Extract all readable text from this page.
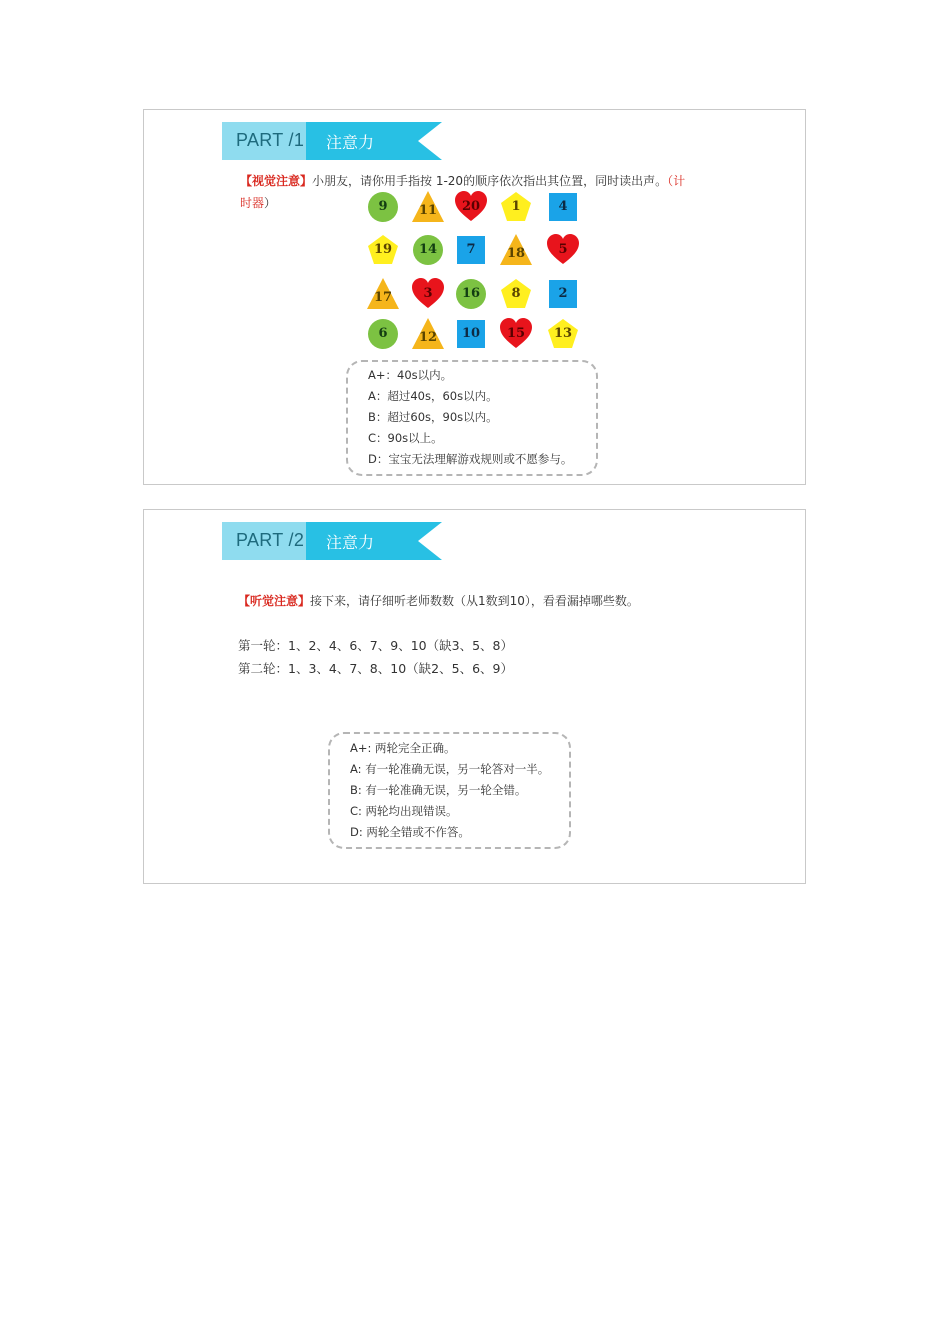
PART /1 注意力
【视觉注意】小朋友，请你用手指按 1-20的顺序依次指出其位置，同时读出声。（计
时器）	9	11	20	1	4
19	14	7	18	5
17	3	16	8	2
6	12	10	15	13
A+：40s以内。
A：超过40s，60s以内。
B：超过60s，90s以内。
C：90s以上。
D：宝宝无法理解游戏规则或不愿参与。
PART /2 注意力
【听觉注意】接下来，请仔细听老师数数（从1数到10），看看漏掉哪些数。
第一轮：1、2、4、6、7、9、10（缺3、5、8）
第二轮：1、3、4、7、8、10（缺2、5、6、9）
A+: 两轮完全正确。
A: 有一轮准确无误，另一轮答对一半。
B: 有一轮准确无误，另一轮全错。
C: 两轮均出现错误。
D: 两轮全错或不作答。
